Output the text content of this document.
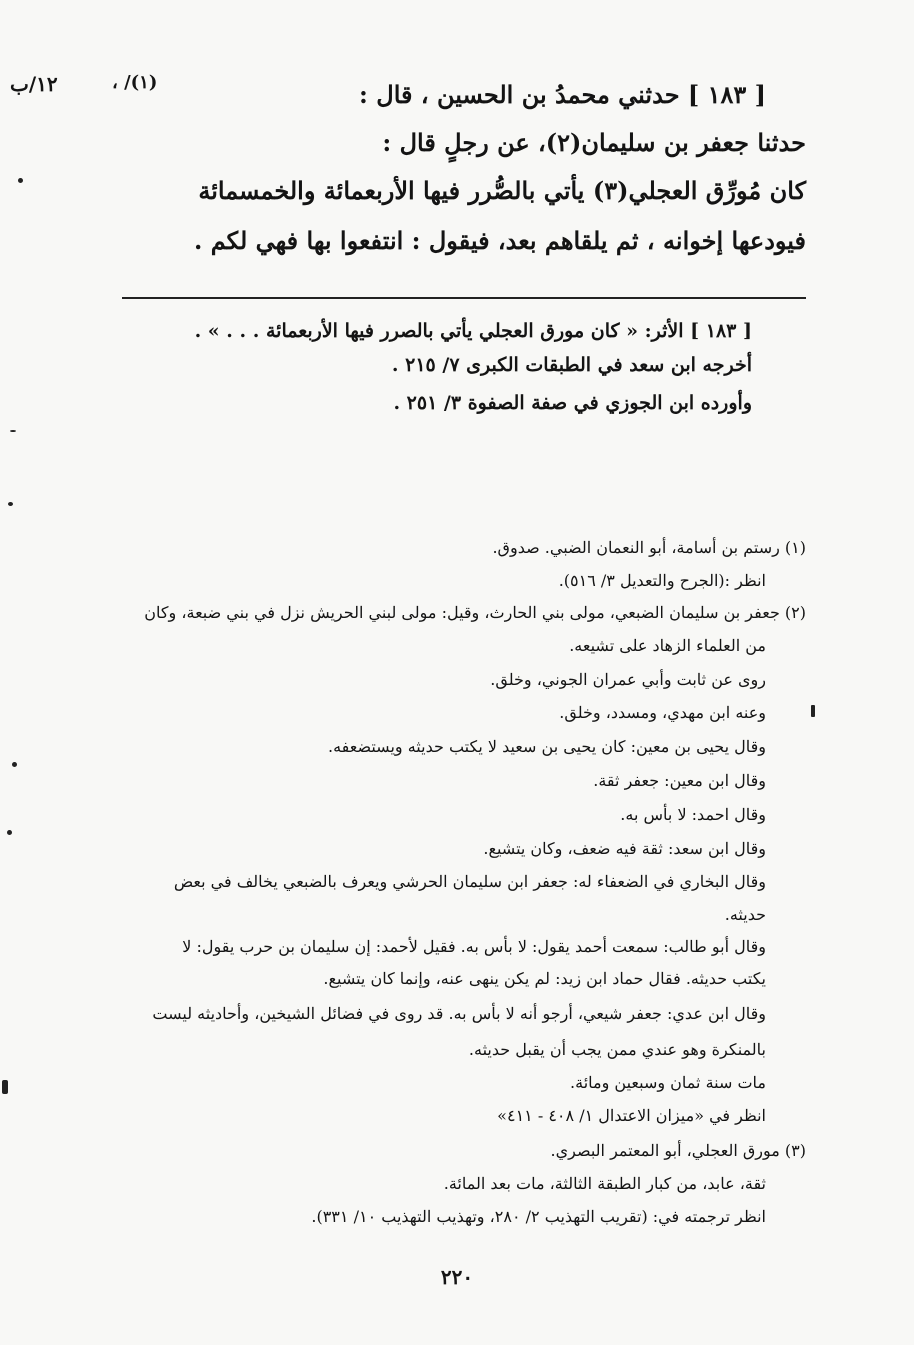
١٢/ب	(١)/ ،	[ ١٨٣ ] حدثني محمدُ بن الحسين ، قال :
حدثنا جعفر بن سليمان(٢)، عن رجلٍ قال :
كان مُورِّق العجلي(٣) يأتي بالصُّرر فيها الأربعمائة والخمسمائة
فيودعها إخوانه ، ثم يلقاهم بعد، فيقول : انتفعوا بها فهي لكم .
[ ١٨٣ ] الأثر: « كان مورق العجلي يأتي بالصرر فيها الأربعمائة . . . » .
أخرجه ابن سعد في الطبقات الكبرى ٧/ ٢١٥ .
وأورده ابن الجوزي في صفة الصفوة ٣/ ٢٥١ .
(١) رستم بن أسامة، أبو النعمان الضبي. صدوق.
انظر :(الجرح والتعديل ٣/ ٥١٦).
(٢) جعفر بن سليمان الضبعي، مولى بني الحارث، وقيل: مولى لبني الحريش نزل في بني ضبعة، وكان
من العلماء الزهاد على تشيعه.
روى عن ثابت وأبي عمران الجوني، وخلق.
وعنه ابن مهدي، ومسدد، وخلق.
وقال يحيى بن معين: كان يحيى بن سعيد لا يكتب حديثه ويستضعفه.
وقال ابن معين: جعفر ثقة.
وقال احمد: لا بأس به.
وقال ابن سعد: ثقة فيه ضعف، وكان يتشيع.
وقال البخاري في الضعفاء له: جعفر ابن سليمان الحرشي ويعرف بالضبعي يخالف في بعض
حديثه.
وقال أبو طالب: سمعت أحمد يقول: لا بأس به. فقيل لأحمد: إن سليمان بن حرب يقول: لا
يكتب حديثه. فقال حماد ابن زيد: لم يكن ينهى عنه، وإنما كان يتشيع.
وقال ابن عدي: جعفر شيعي، أرجو أنه لا بأس به. قد روى في فضائل الشيخين، وأحاديثه ليست
بالمنكرة وهو عندي ممن يجب أن يقبل حديثه.
مات سنة ثمان وسبعين ومائة.
انظر في «ميزان الاعتدال ١/ ٤٠٨ - ٤١١»
(٣) مورق العجلي، أبو المعتمر البصري.
ثقة، عابد، من كبار الطبقة الثالثة، مات بعد المائة.
انظر ترجمته في: (تقريب التهذيب ٢/ ٢٨٠، وتهذيب التهذيب ١٠/ ٣٣١).
٢٢٠
